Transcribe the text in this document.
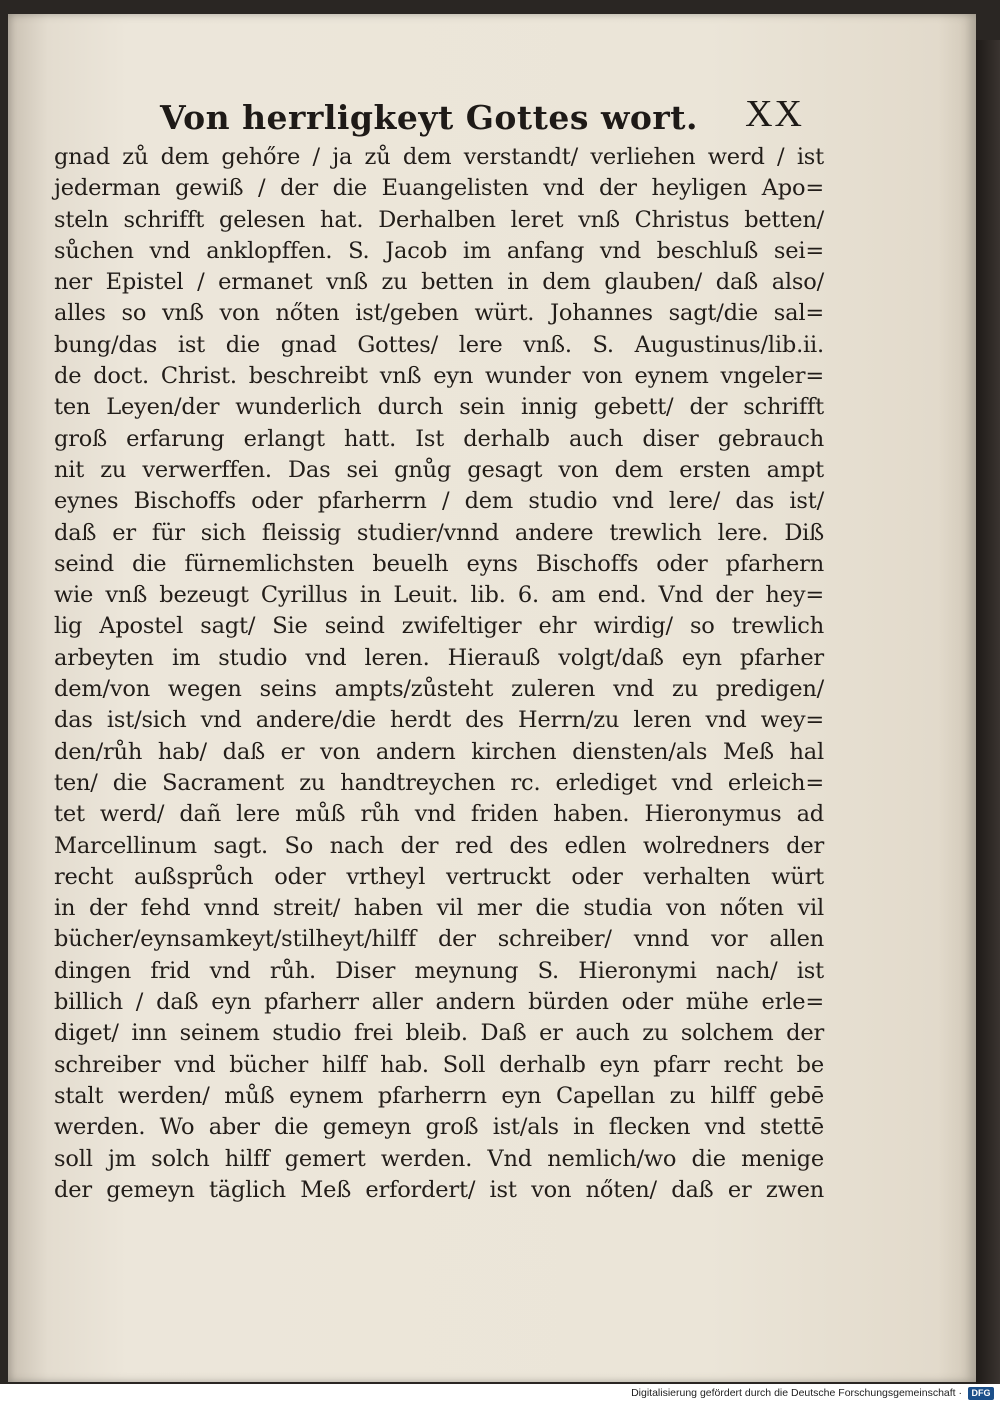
Von herrligkeyt Gottes wort. XX
gnad zů dem gehőre / ja zů dem verstandt/ verliehen werd / ist
jederman gewiß / der die Euangelisten vnd der heyligen Apo=
steln schrifft gelesen hat. Derhalben leret vnß Christus betten/
sůchen vnd anklopffen. S. Jacob im anfang vnd beschluß sei=
ner Epistel / ermanet vnß zu betten in dem glauben/ daß also/
alles so vnß von nőten ist/geben würt. Johannes sagt/die sal=
bung/das ist die gnad Gottes/ lere vnß. S. Augustinus/lib.ii.
de doct. Christ. beschreibt vnß eyn wunder von eynem vngeler=
ten Leyen/der wunderlich durch sein innig gebett/ der schrifft
groß erfarung erlangt hatt. Ist derhalb auch diser gebrauch
nit zu verwerffen. Das sei gnůg gesagt von dem ersten ampt
eynes Bischoffs oder pfarherrn / dem studio vnd lere/ das ist/
daß er für sich fleissig studier/vnnd andere trewlich lere. Diß
seind die fürnemlichsten beuelh eyns Bischoffs oder pfarhern
wie vnß bezeugt Cyrillus in Leuit. lib. 6. am end. Vnd der hey=
lig Apostel sagt/ Sie seind zwifeltiger ehr wirdig/ so trewlich
arbeyten im studio vnd leren. Hierauß volgt/daß eyn pfarher
dem/von wegen seins ampts/zůsteht zuleren vnd zu predigen/
das ist/sich vnd andere/die herdt des Herrn/zu leren vnd wey=
den/růh hab/ daß er von andern kirchen diensten/als Meß hal
ten/ die Sacrament zu handtreychen rc. erlediget vnd erleich=
tet werd/ dañ lere můß růh vnd friden haben. Hieronymus ad
Marcellinum sagt. So nach der red des edlen wolredners der
recht außsprůch oder vrtheyl vertruckt oder verhalten würt
in der fehd vnnd streit/ haben vil mer die studia von nőten vil
bücher/eynsamkeyt/stilheyt/hilff der schreiber/ vnnd vor allen
dingen frid vnd růh. Diser meynung S. Hieronymi nach/ ist
billich / daß eyn pfarherr aller andern bürden oder mühe erle=
diget/ inn seinem studio frei bleib. Daß er auch zu solchem der
schreiber vnd bücher hilff hab. Soll derhalb eyn pfarr recht be
stalt werden/ můß eynem pfarherrn eyn Capellan zu hilff gebē
werden. Wo aber die gemeyn groß ist/als in flecken vnd stettē
soll jm solch hilff gemert werden. Vnd nemlich/wo die menige
der gemeyn täglich Meß erfordert/ ist von nőten/ daß er zwen
Digitalisierung gefördert durch die Deutsche Forschungsgemeinschaft ·	DFG
